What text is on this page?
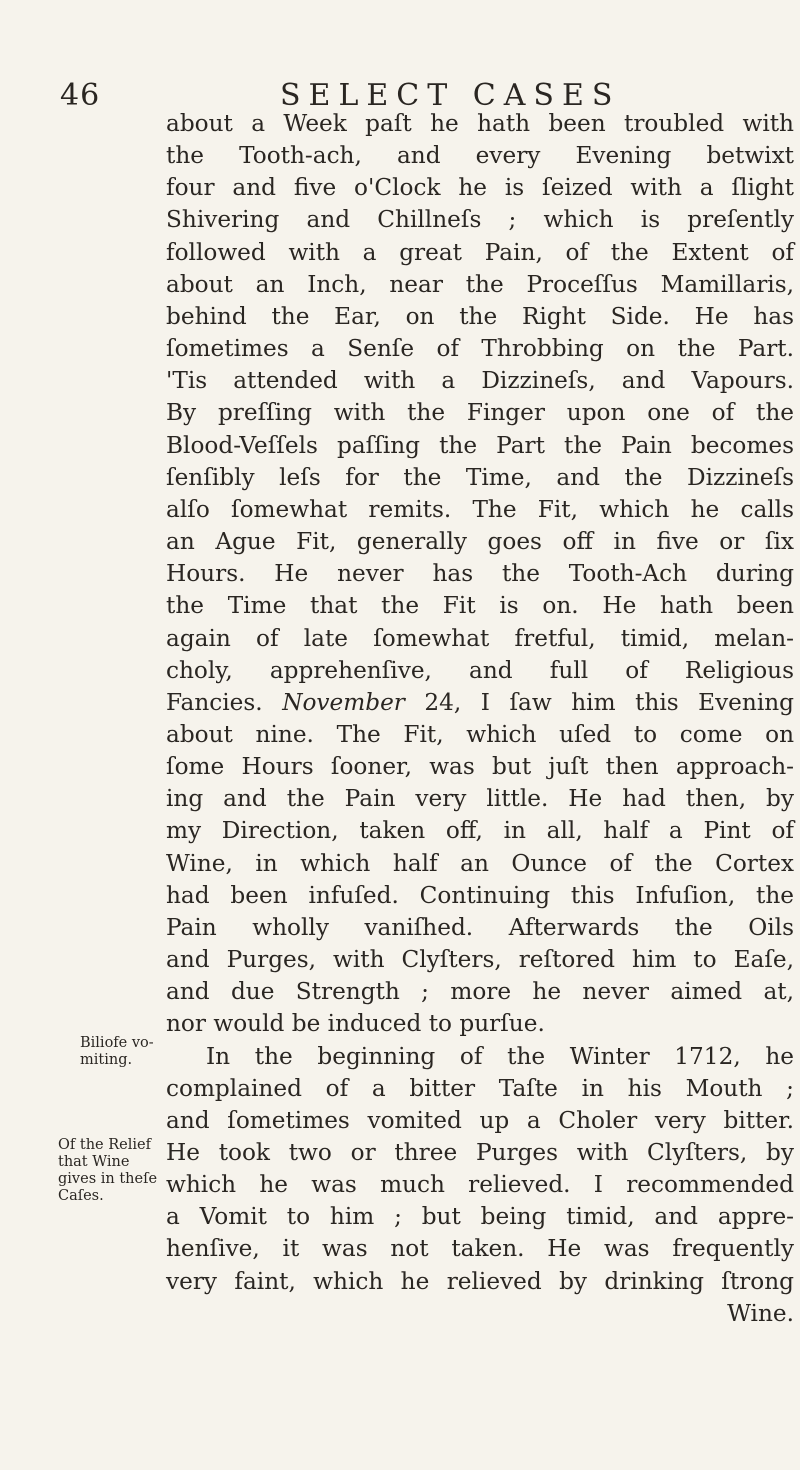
46	SELECT CASES
about a Week paſt he hath been troubled with
the Tooth-ach, and every Evening betwixt
four and five o'Clock he is ſeized with a ſlight
Shivering and Chillneſs ; which is preſently
followed with a great Pain, of the Extent of
about an Inch, near the Proceſſus Mamillaris,
behind the Ear, on the Right Side. He has
ſometimes a Senſe of Throbbing on the Part.
'Tis attended with a Dizzineſs, and Vapours.
By preſſing with the Finger upon one of the
Blood-Veſſels paſſing the Part the Pain becomes
ſenſibly leſs for the Time, and the Dizzineſs
alſo ſomewhat remits. The Fit, which he calls
an Ague Fit, generally goes off in five or ſix
Hours. He never has the Tooth-Ach during
the Time that the Fit is on. He hath been
again of late ſomewhat fretful, timid, melan-
choly, apprehenſive, and full of Religious
Fancies. November 24, I ſaw him this Evening
about nine. The Fit, which uſed to come on
ſome Hours ſooner, was but juſt then approach-
ing and the Pain very little. He had then, by
my Direction, taken off, in all, half a Pint of
Wine, in which half an Ounce of the Cortex
had been infuſed. Continuing this Infuſion, the
Pain wholly vaniſhed. Afterwards the Oils
and Purges, with Clyſters, reſtored him to Eaſe,
and due Strength ; more he never aimed at,
nor would be induced to purſue.
In the beginning of the Winter 1712, he
complained of a bitter Taſte in his Mouth ;
and ſometimes vomited up a Choler very bitter.
He took two or three Purges with Clyſters, by
which he was much relieved. I recommended
a Vomit to him ; but being timid, and appre-
henſive, it was not taken. He was frequently
very faint, which he relieved by drinking ſtrong
Wine.
Biliofe vo-
miting.
Of the Relief
that Wine
gives in theſe
Caſes.
